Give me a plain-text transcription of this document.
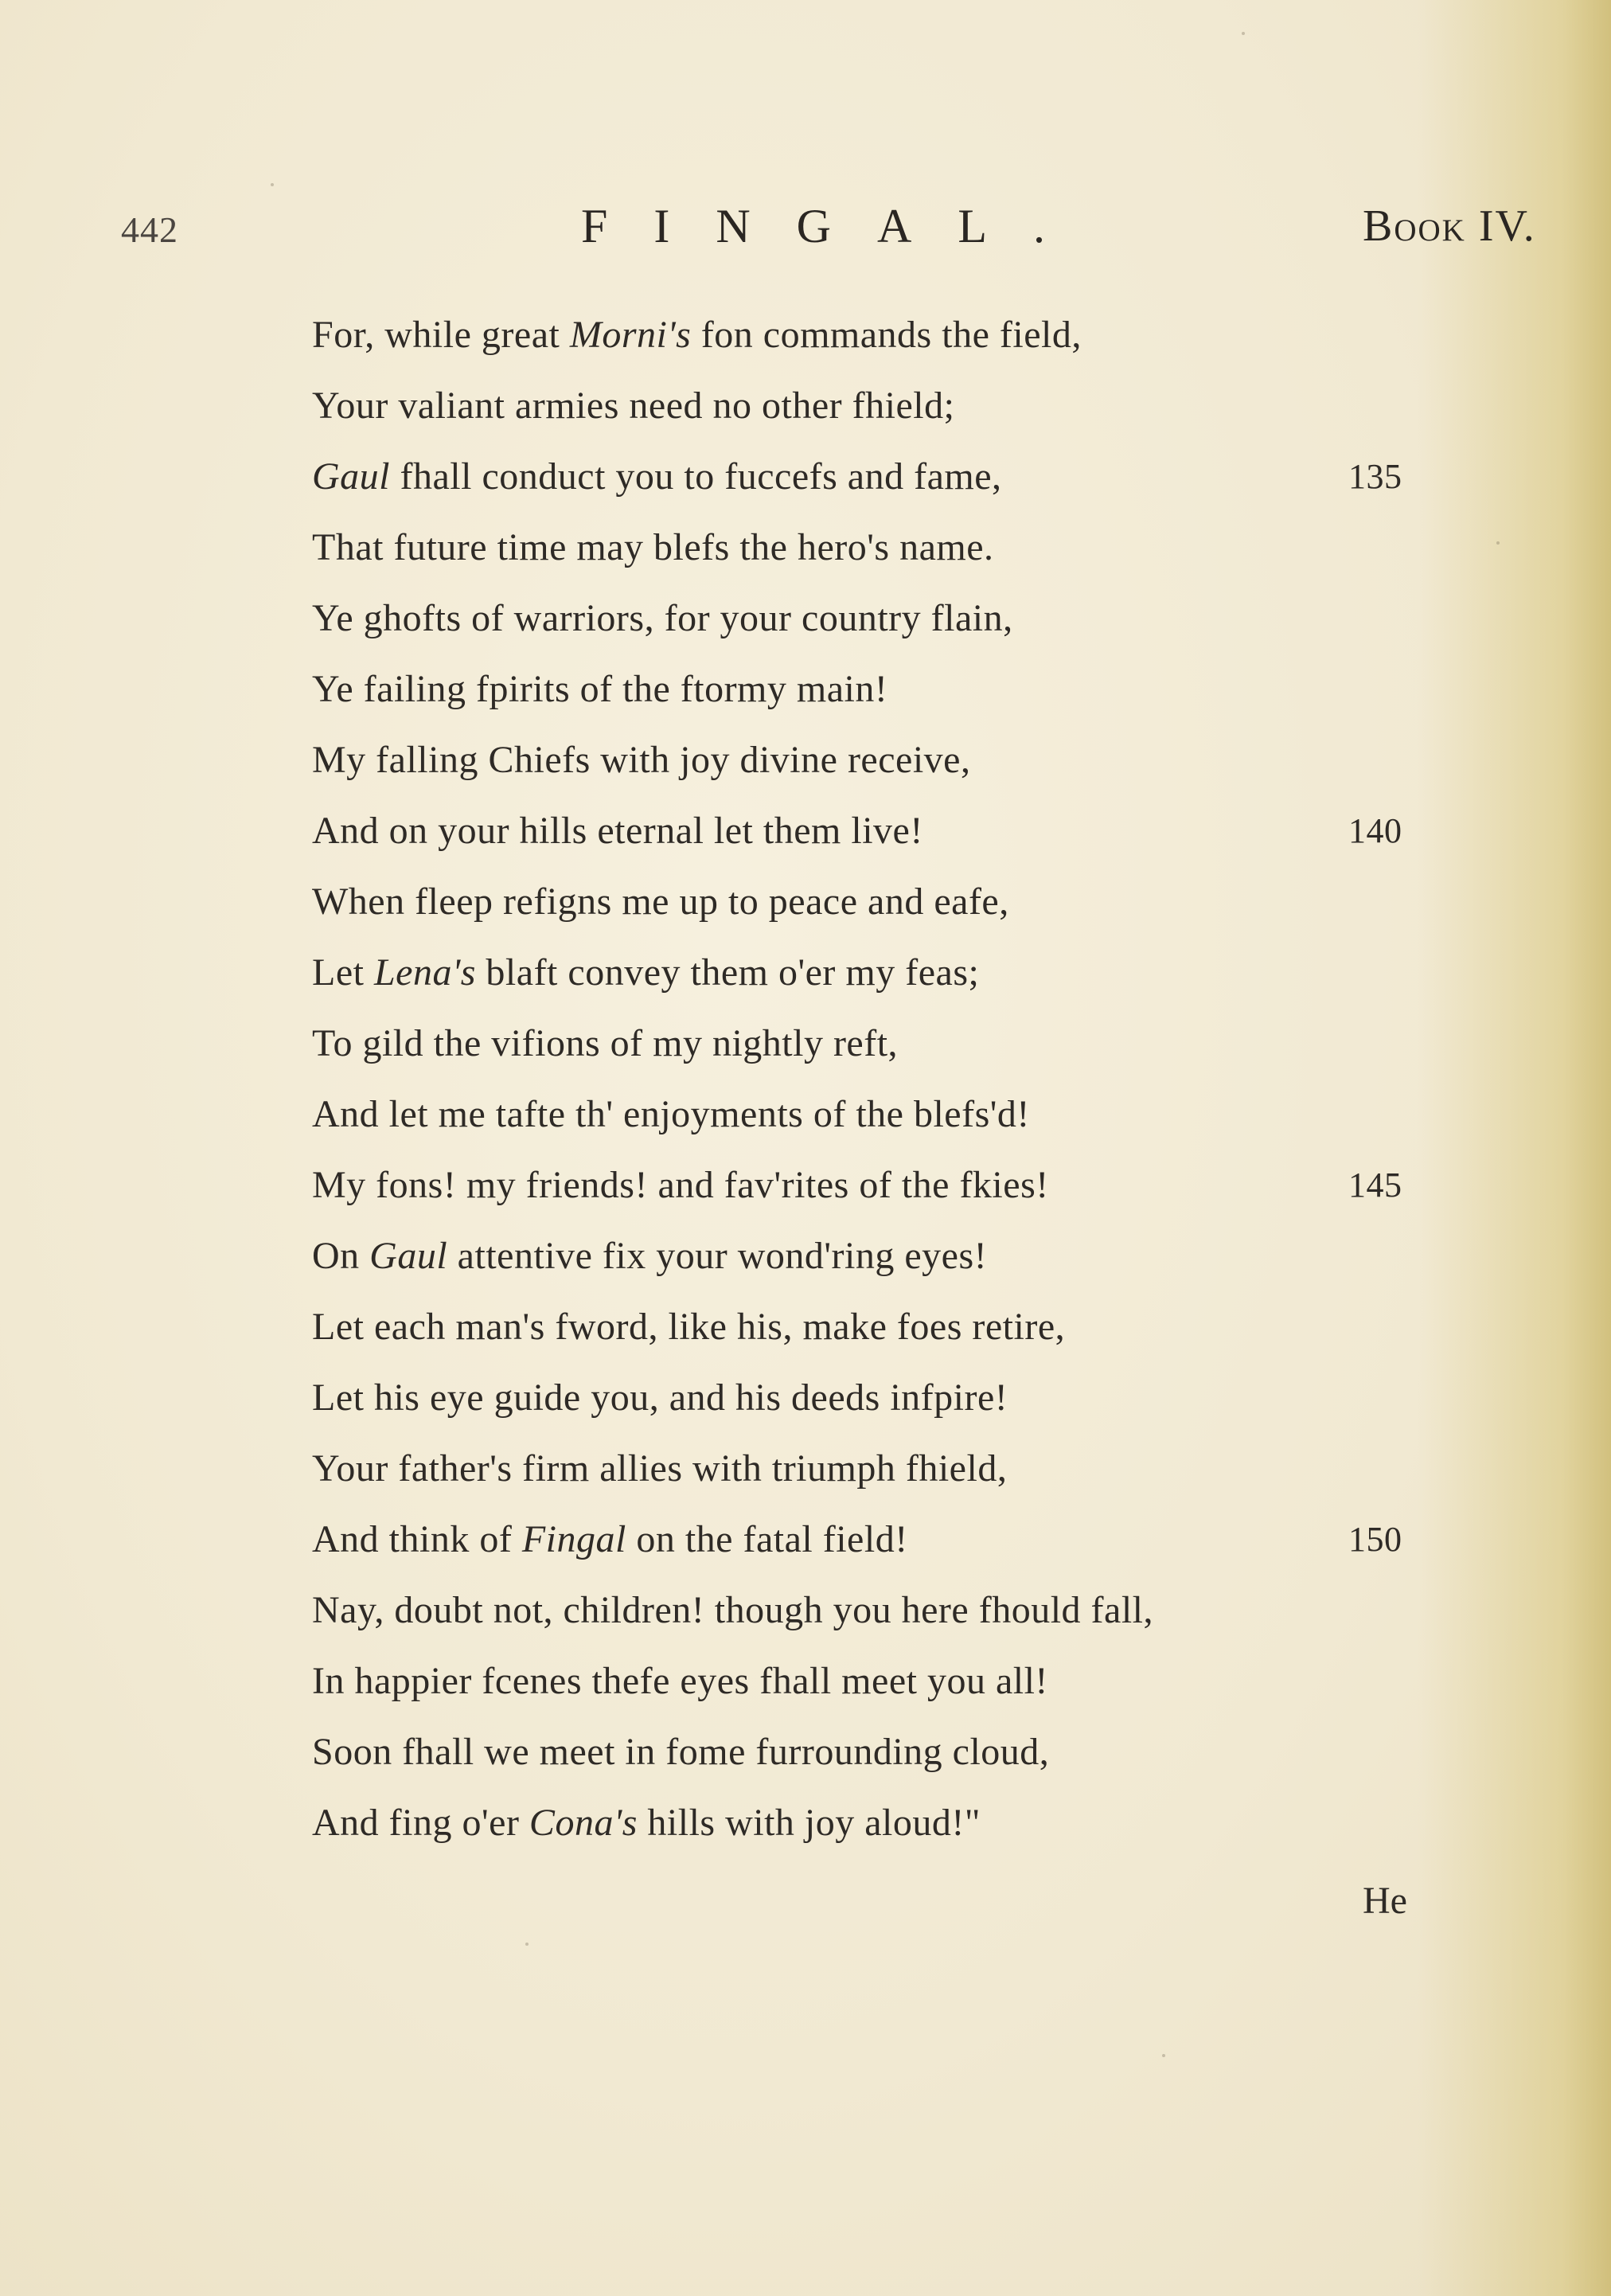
442	FINGAL.	Book IV.
For, while great Morni's fon commands the field,
Your valiant armies need no other fhield;
Gaul fhall conduct you to fuccefs and fame,	135
That future time may blefs the hero's name.
Ye ghofts of warriors, for your country flain,
Ye failing fpirits of the ftormy main!
My falling Chiefs with joy divine receive,
And on your hills eternal let them live!	140
When fleep refigns me up to peace and eafe,
Let Lena's blaft convey them o'er my feas;
To gild the vifions of my nightly reft,
And let me tafte th' enjoyments of the blefs'd!
My fons! my friends! and fav'rites of the fkies!	145
On Gaul attentive fix your wond'ring eyes!
Let each man's fword, like his, make foes retire,
Let his eye guide you, and his deeds infpire!
Your father's firm allies with triumph fhield,
And think of Fingal on the fatal field!	150
Nay, doubt not, children! though you here fhould fall,
In happier fcenes thefe eyes fhall meet you all!
Soon fhall we meet in fome furrounding cloud,
And fing o'er Cona's hills with joy aloud!"
He
